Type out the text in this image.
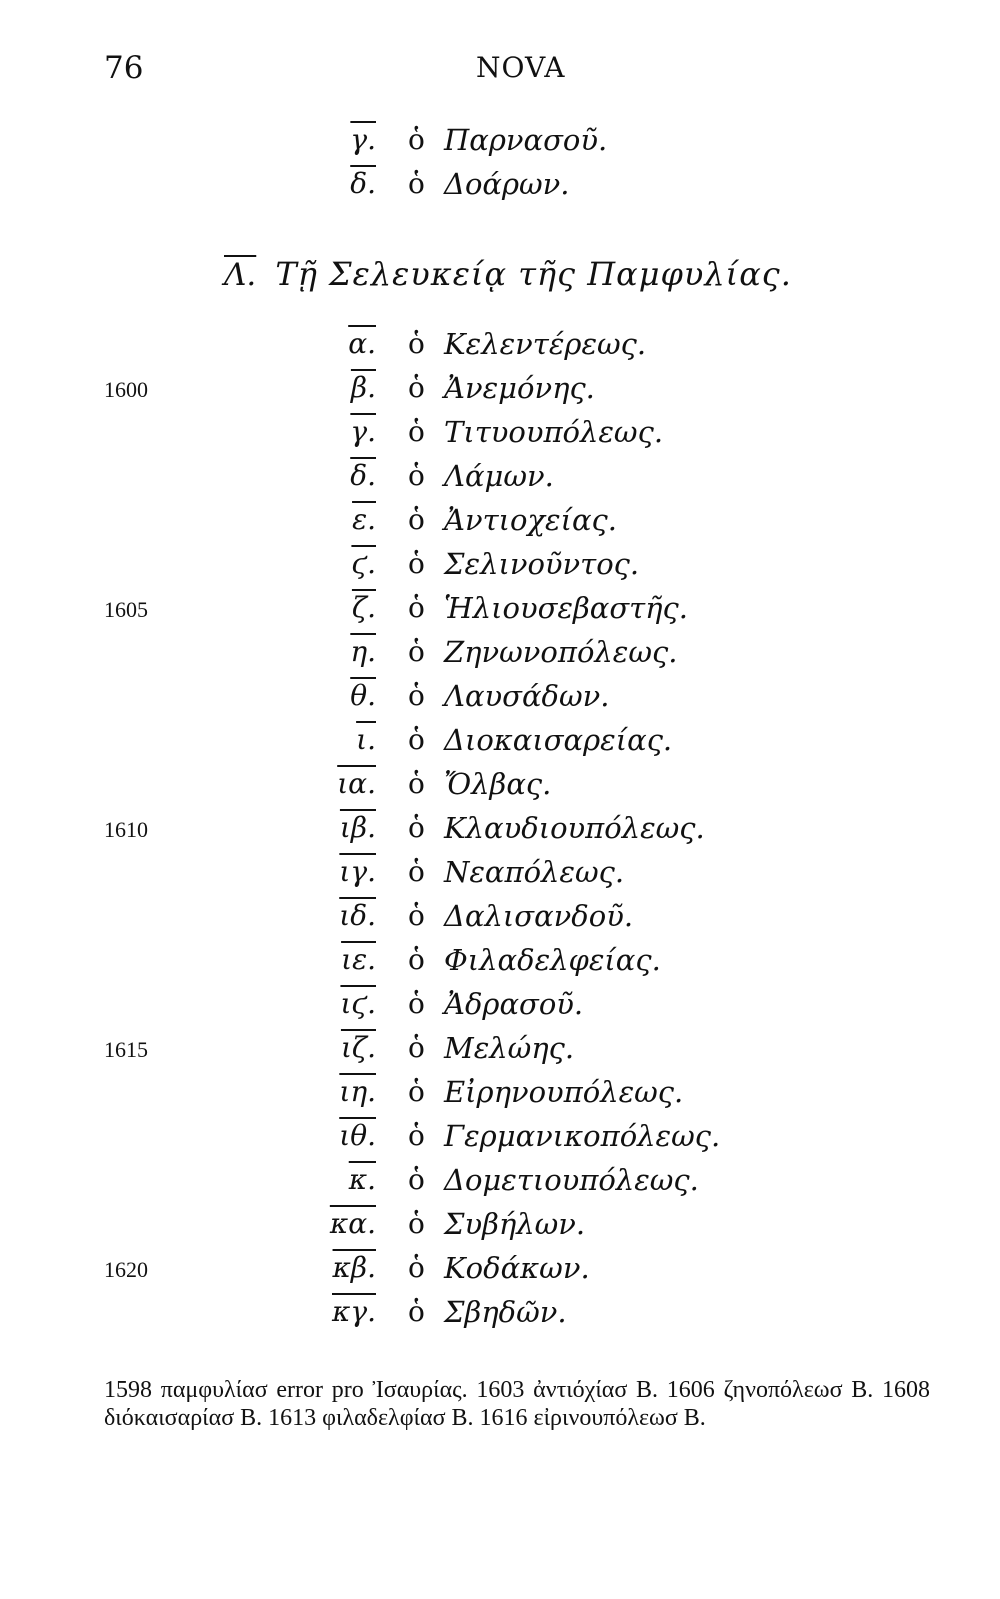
76	NOVA
γ. ὁ Παρνασοῦ.
δ. ὁ Δοάρων.
Λ. Τῇ Σελευκείᾳ τῆς Παμφυλίας.
α. ὁ Κελεντέρεως.
1600	β. ὁ Ἀνεμόνης.
γ. ὁ Τιτυουπόλεως.
δ. ὁ Λάμων.
ε. ὁ Ἀντιοχείας.
ϛ. ὁ Σελινοῦντος.
1605	ζ. ὁ Ἡλιουσεβαστῆς.
η. ὁ Ζηνωνοπόλεως.
θ. ὁ Λαυσάδων.
ι. ὁ Διοκαισαρείας.
ια. ὁ Ὄλβας.
1610	ιβ. ὁ Κλαυδιουπόλεως.
ιγ. ὁ Νεαπόλεως.
ιδ. ὁ Δαλισανδοῦ.
ιε. ὁ Φιλαδελφείας.
ιϛ. ὁ Ἀδρασοῦ.
1615	ιζ. ὁ Μελώης.
ιη. ὁ Εἰρηνουπόλεως.
ιθ. ὁ Γερμανικοπόλεως.
κ. ὁ Δομετιουπόλεως.
κα. ὁ Συβήλων.
1620	κβ. ὁ Κοδάκων.
κγ. ὁ Σβηδῶν.

1598 παμφυλίασ error pro Ἰσαυρίας. 1603 ἀντιόχίασ B. 1606 ζηνοπόλεωσ B. 1608 διόκαισαρίασ B. 1613 φιλαδελφίασ B. 1616 εἰρινουπόλεωσ B.
